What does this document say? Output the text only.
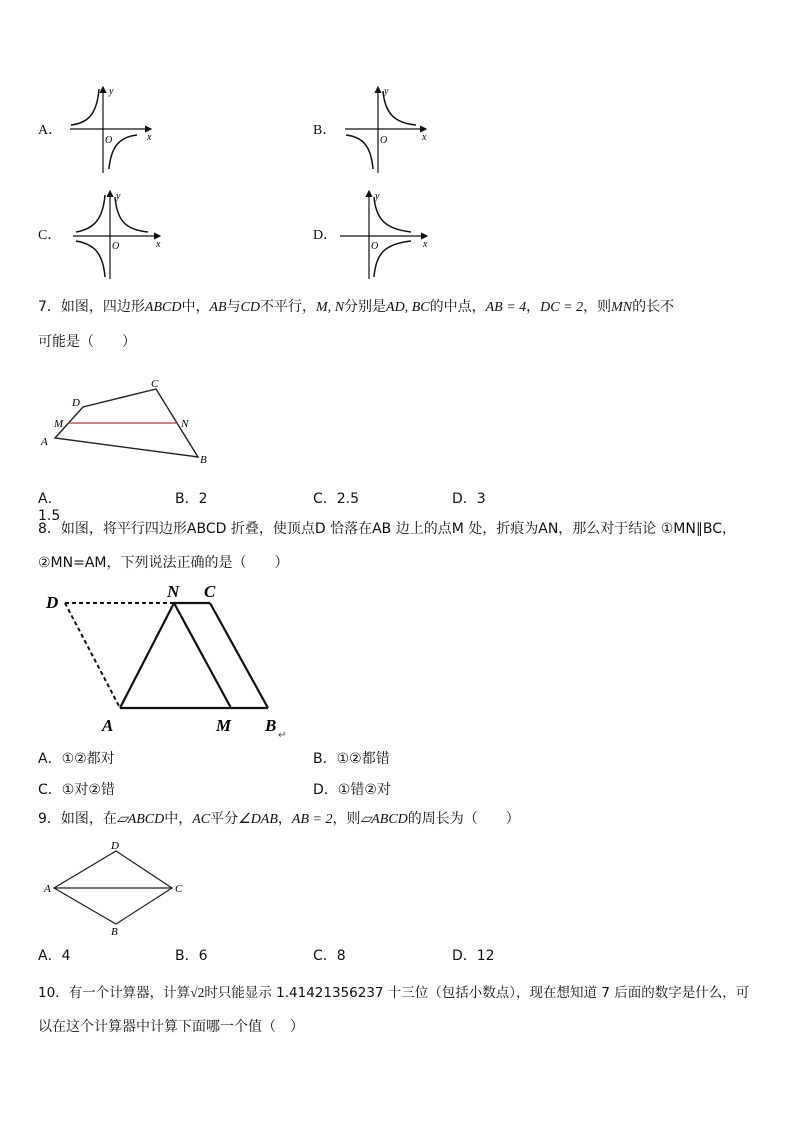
A．
y
x
O
B．
y
x
O
C．
y
x
O
D．
y
x
O
7．如图，四边形ABCD中，AB与CD不平行，M, N分别是AD, BC的中点，AB = 4，DC = 2，则MN的长不
可能是（　　）
A
B
C
D
M	N
A．1.5
B．2	C．2.5	D．3
8．如图，将平行四边形ABCD 折叠，使顶点D 恰落在AB 边上的点M 处，折痕为AN，那么对于结论 ①MN∥BC，
②MN=AM，下列说法正确的是（　　）
D
N C
A	M B
↵
A．①②都对	B．①②都错
C．①对②错	D．①错②对
9．如图，在▱ABCD中，AC平分∠DAB，AB = 2，则▱ABCD的周长为（　　）
A
B
C
D
A．4	B．6	C．8	D．12
10．有一个计算器，计算√2时只能显示 1.41421356237 十三位（包括小数点），现在想知道 7 后面的数字是什么，可
以在这个计算器中计算下面哪一个值（　）
